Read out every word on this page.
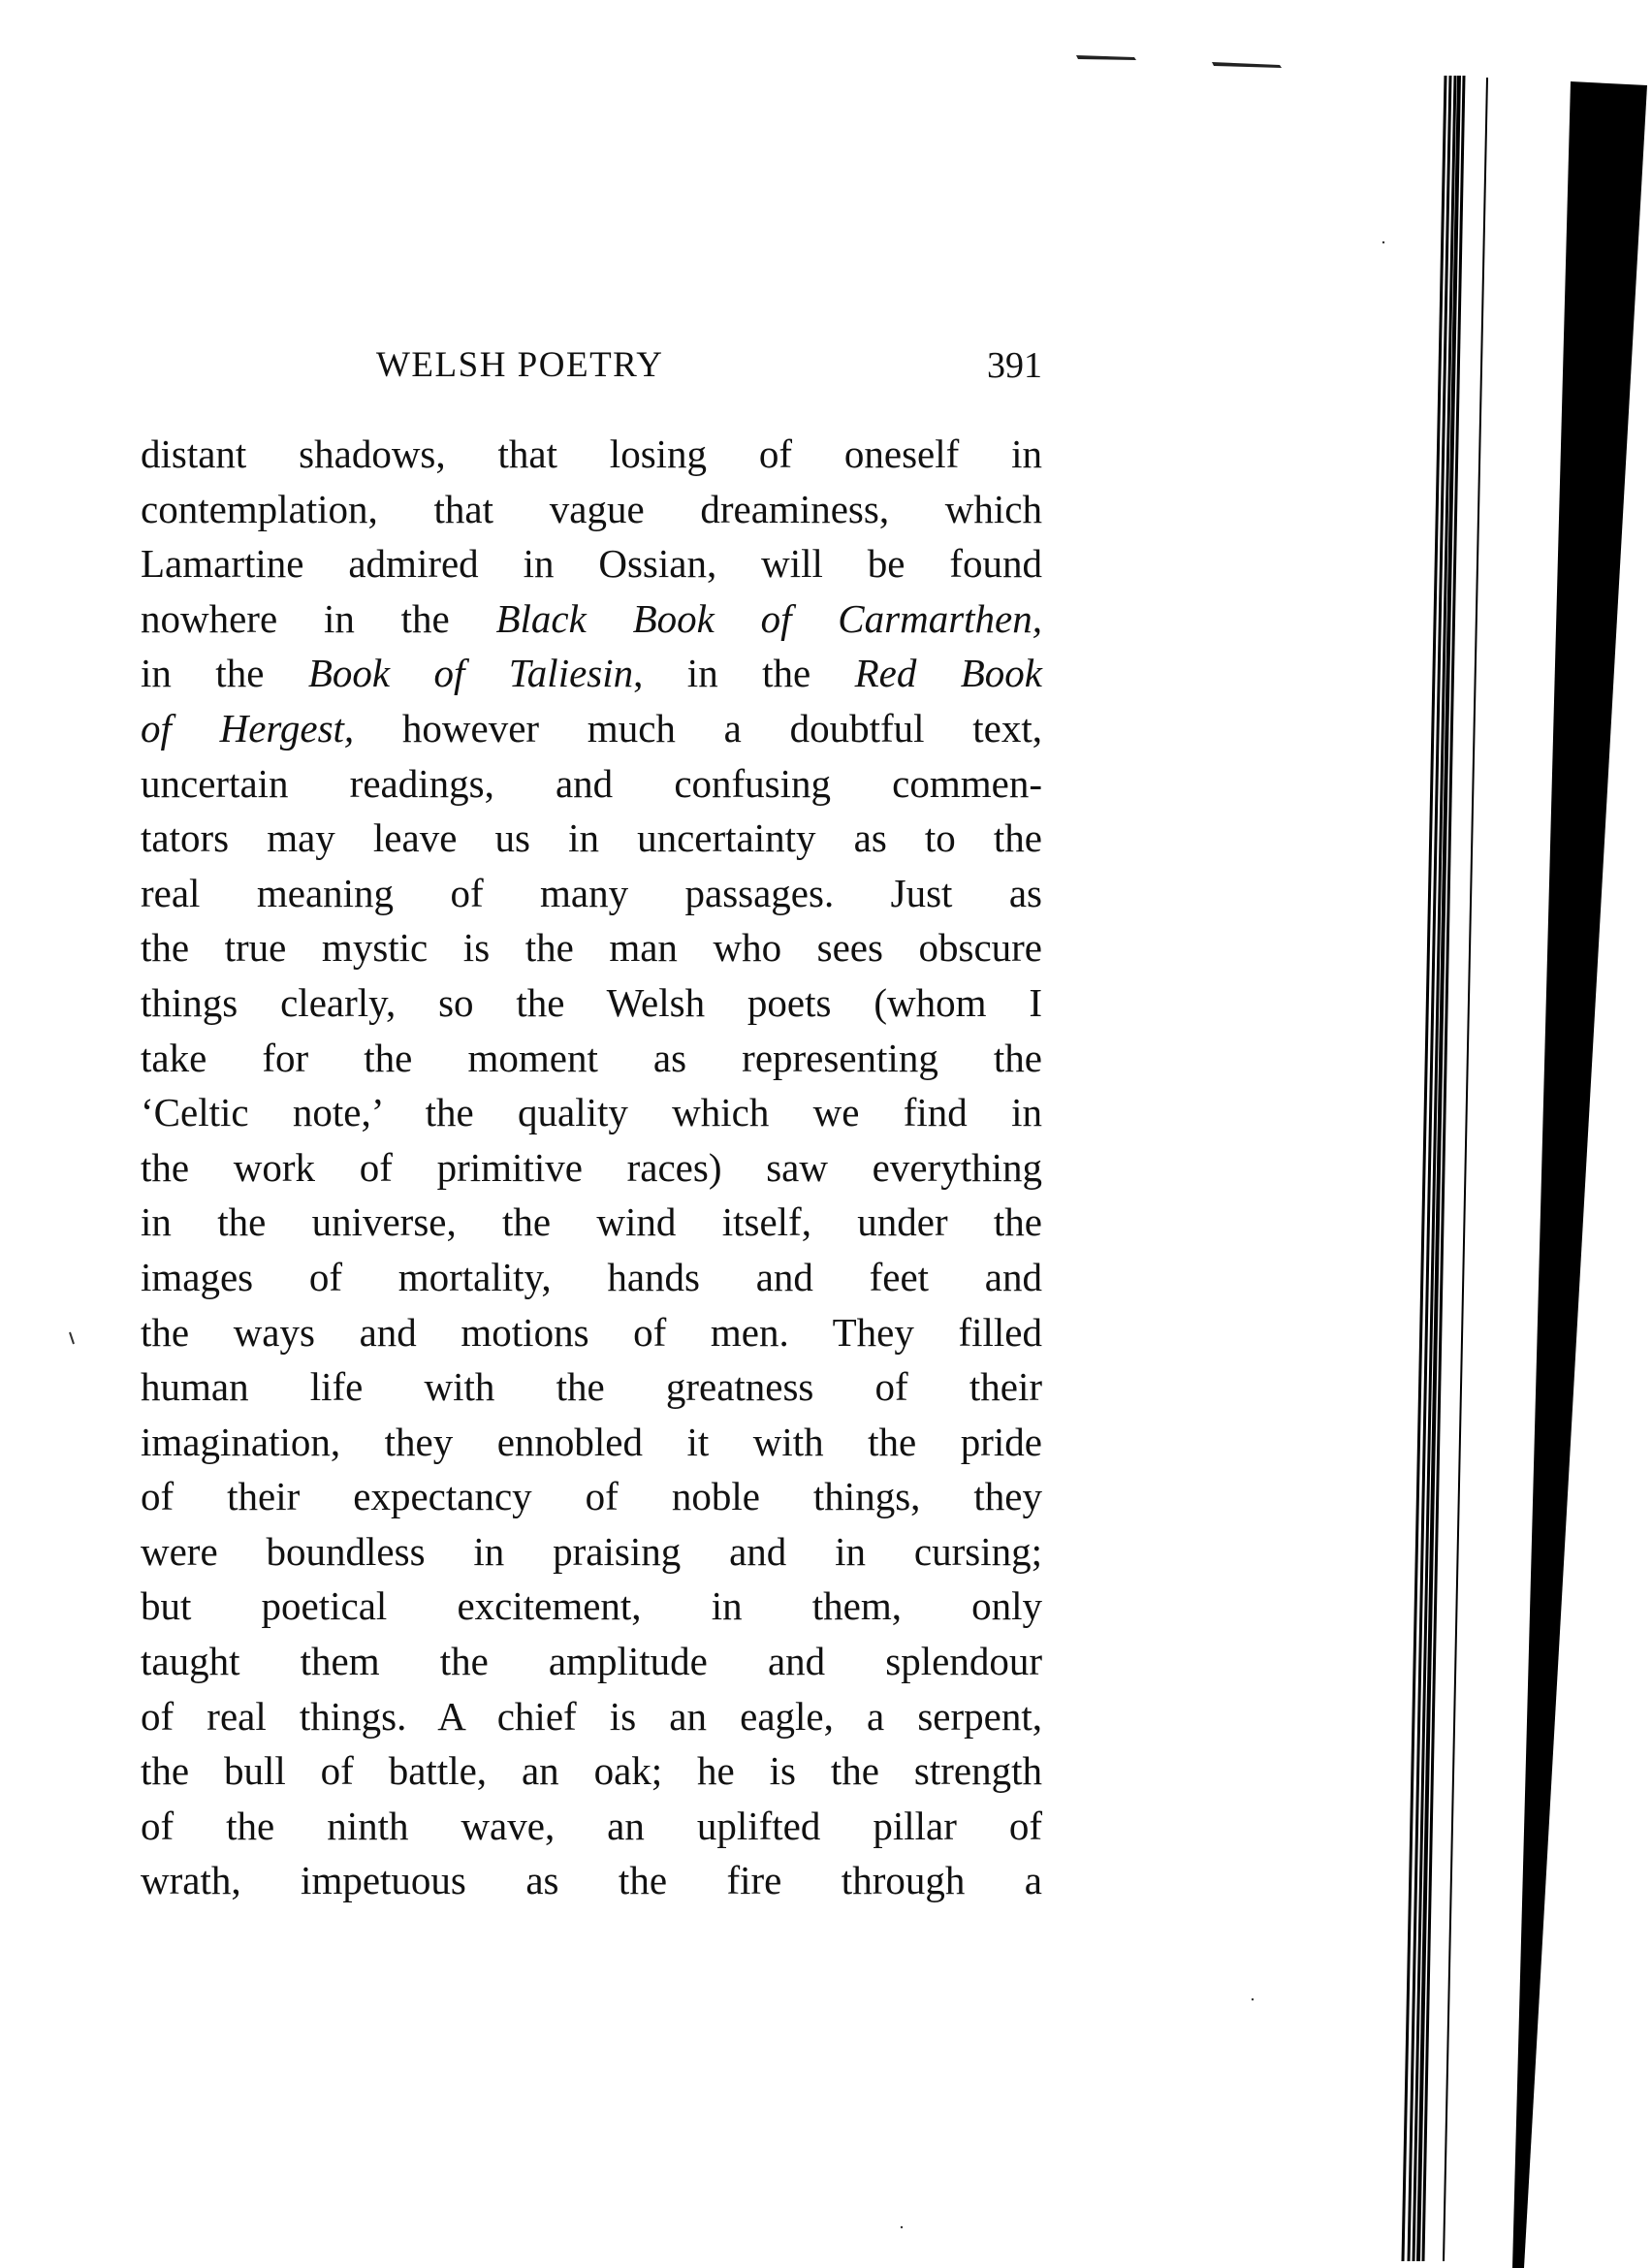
WELSH POETRY	391
distant shadows, that losing of oneself in
contemplation, that vague dreaminess, which
Lamartine admired in Ossian, will be found
nowhere in the Black Book of Carmarthen,
in the Book of Taliesin, in the Red Book
of Hergest, however much a doubtful text,
uncertain readings, and confusing commen-
tators may leave us in uncertainty as to the
real meaning of many passages. Just as
the true mystic is the man who sees obscure
things clearly, so the Welsh poets (whom I
take for the moment as representing the
‘Celtic note,’ the quality which we find in
the work of primitive races) saw everything
in the universe, the wind itself, under the
images of mortality, hands and feet and
the ways and motions of men. They filled
human life with the greatness of their
imagination, they ennobled it with the pride
of their expectancy of noble things, they
were boundless in praising and in cursing;
but poetical excitement, in them, only
taught them the amplitude and splendour
of real things. A chief is an eagle, a serpent,
the bull of battle, an oak; he is the strength
of the ninth wave, an uplifted pillar of
wrath, impetuous as the fire through a
